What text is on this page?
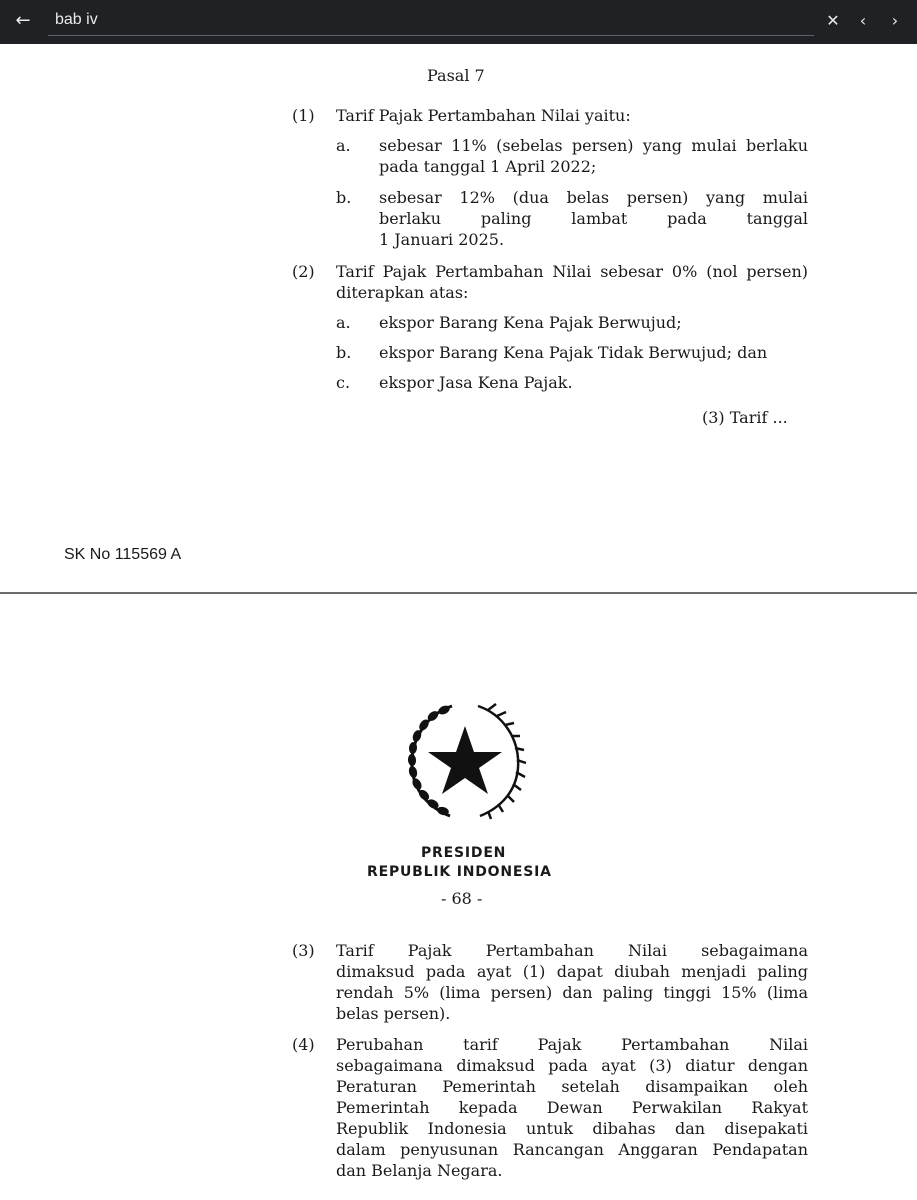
←	bab iv	✕	‹	›
Pasal 7
(1) Tarif Pajak Pertambahan Nilai yaitu:
a. sebesar 11% (sebelas persen) yang mulai berlaku
pada tanggal 1 April 2022;
b. sebesar 12% (dua belas persen) yang mulai
berlaku paling lambat pada tanggal
1 Januari 2025.
(2) Tarif Pajak Pertambahan Nilai sebesar 0% (nol persen)
diterapkan atas:
a. ekspor Barang Kena Pajak Berwujud;
b. ekspor Barang Kena Pajak Tidak Berwujud; dan
c. ekspor Jasa Kena Pajak.
(3) Tarif ...
SK No 115569 A
PRESIDEN
REPUBLIK INDONESIA
- 68 -
(3) Tarif Pajak Pertambahan Nilai sebagaimana
dimaksud pada ayat (1) dapat diubah menjadi paling
rendah 5% (lima persen) dan paling tinggi 15% (lima
belas persen).
(4) Perubahan tarif Pajak Pertambahan Nilai
sebagaimana dimaksud pada ayat (3) diatur dengan
Peraturan Pemerintah setelah disampaikan oleh
Pemerintah kepada Dewan Perwakilan Rakyat
Republik Indonesia untuk dibahas dan disepakati
dalam penyusunan Rancangan Anggaran Pendapatan
dan Belanja Negara.
